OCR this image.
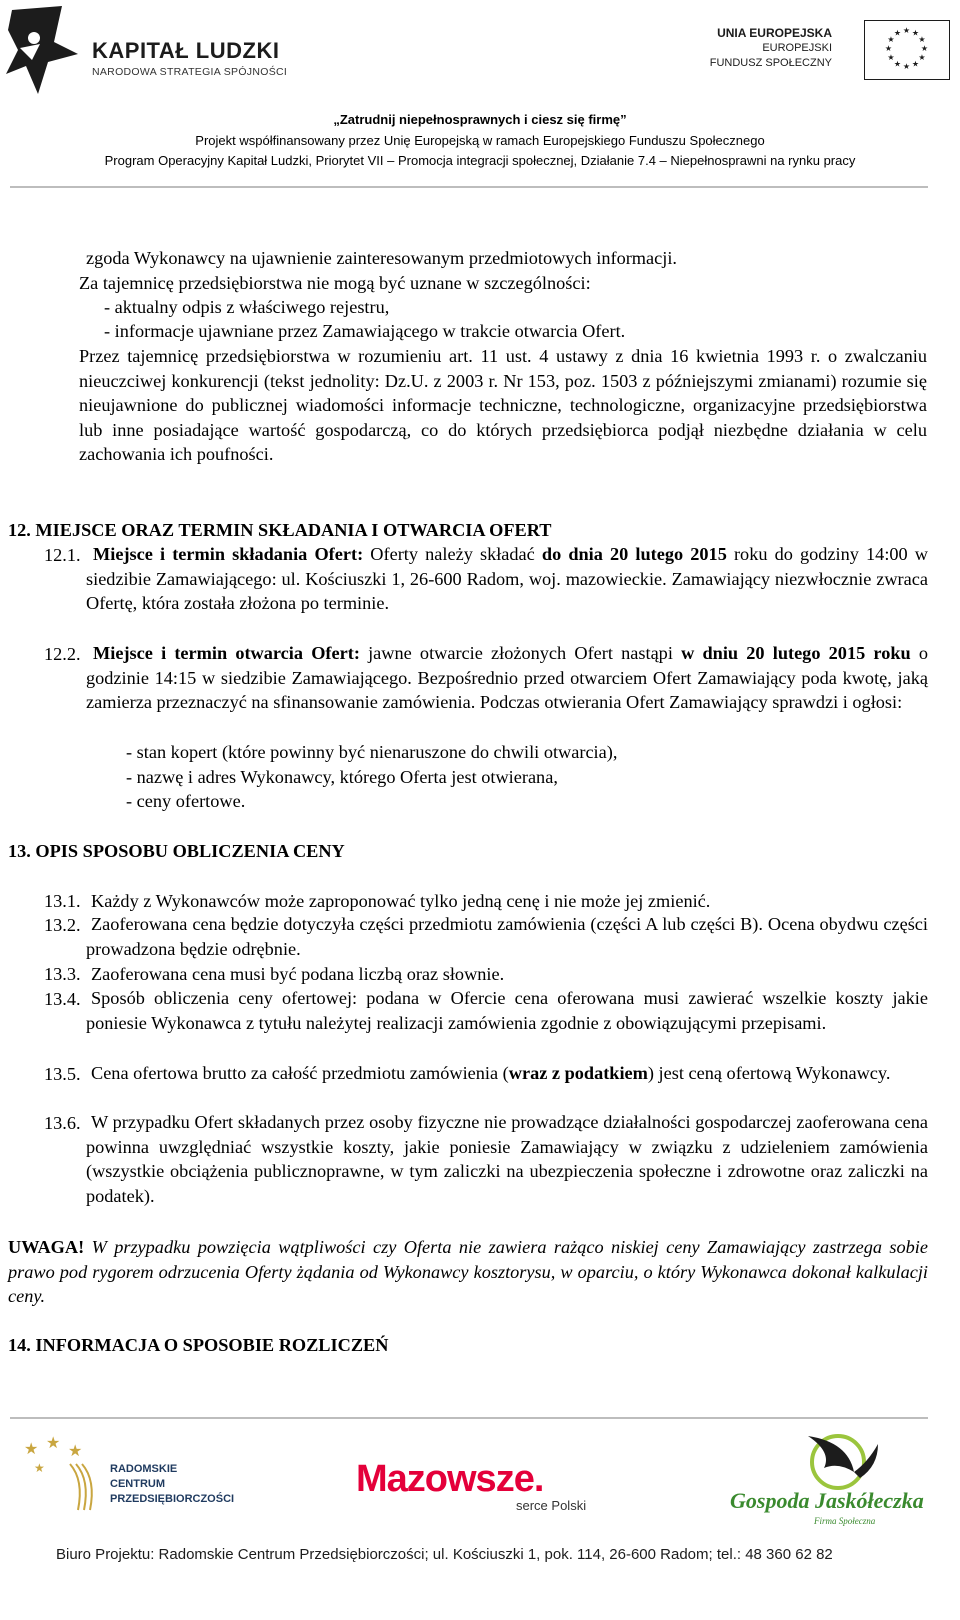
KAPITAŁ LUDZKI
NARODOWA STRATEGIA SPÓJNOŚCI
UNIA EUROPEJSKA
EUROPEJSKI
FUNDUSZ SPOŁECZNY
★ ★
★
★
★
★
★
★
★
★
★
★
„Zatrudnij niepełnosprawnych i ciesz się firmę”
Projekt współfinansowany przez Unię Europejską w ramach Europejskiego Funduszu Społecznego
Program Operacyjny Kapitał Ludzki, Priorytet VII – Promocja integracji społecznej, Działanie 7.4 – Niepełnosprawni na rynku pracy
zgoda Wykonawcy na ujawnienie zainteresowanym przedmiotowych informacji.
Za tajemnicę przedsiębiorstwa nie mogą być uznane w szczególności:
- aktualny odpis z właściwego rejestru,
- informacje ujawniane przez Zamawiającego w trakcie otwarcia Ofert.
Przez tajemnicę przedsiębiorstwa w rozumieniu art. 11 ust. 4 ustawy z dnia 16 kwietnia 1993 r. o zwalczaniu nieuczciwej konkurencji (tekst jednolity: Dz.U. z 2003 r. Nr 153, poz. 1503 z późniejszymi zmianami) rozumie się nieujawnione do publicznej wiadomości informacje techniczne, technologiczne, organizacyjne przedsiębiorstwa lub inne posiadające wartość gospodarczą, co do których przedsiębiorca podjął niezbędne działania w celu zachowania ich poufności.
12. MIEJSCE ORAZ TERMIN SKŁADANIA I OTWARCIA OFERT
12.1. Miejsce i termin składania Ofert: Oferty należy składać do dnia 20 lutego 2015 roku do godziny 14:00 w siedzibie Zamawiającego: ul. Kościuszki 1, 26-600 Radom, woj. mazowieckie. Zamawiający niezwłocznie zwraca Ofertę, która została złożona po terminie.
12.2. Miejsce i termin otwarcia Ofert: jawne otwarcie złożonych Ofert nastąpi w dniu 20 lutego 2015 roku o godzinie 14:15 w siedzibie Zamawiającego. Bezpośrednio przed otwarciem Ofert Zamawiający poda kwotę, jaką zamierza przeznaczyć na sfinansowanie zamówienia. Podczas otwierania Ofert Zamawiający sprawdzi i ogłosi:
- stan kopert (które powinny być nienaruszone do chwili otwarcia),
- nazwę i adres Wykonawcy, którego Oferta jest otwierana,
- ceny ofertowe.
13. OPIS SPOSOBU OBLICZENIA CENY
13.1. Każdy z Wykonawców może zaproponować tylko jedną cenę i nie może jej zmienić.
13.2. Zaoferowana cena będzie dotyczyła części przedmiotu zamówienia (części A lub części B). Ocena obydwu części prowadzona będzie odrębnie.
13.3. Zaoferowana cena musi być podana liczbą oraz słownie.
13.4. Sposób obliczenia ceny ofertowej: podana w Ofercie cena oferowana musi zawierać wszelkie koszty jakie poniesie Wykonawca z tytułu należytej realizacji zamówienia zgodnie z obowiązującymi przepisami.
13.5. Cena ofertowa brutto za całość przedmiotu zamówienia (wraz z podatkiem) jest ceną ofertową Wykonawcy.
13.6. W przypadku Ofert składanych przez osoby fizyczne nie prowadzące działalności gospodarczej zaoferowana cena powinna uwzględniać wszystkie koszty, jakie poniesie Zamawiający w związku z udzieleniem zamówienia (wszystkie obciążenia publicznoprawne, w tym zaliczki na ubezpieczenia społeczne i zdrowotne oraz zaliczki na podatek).
UWAGA! W przypadku powzięcia wątpliwości czy Oferta nie zawiera rażąco niskiej ceny Zamawiający zastrzega sobie prawo pod rygorem odrzucenia Oferty żądania od Wykonawcy kosztorysu, w oparciu, o który Wykonawca dokonał kalkulacji ceny.
14. INFORMACJA O SPOSOBIE ROZLICZEŃ
★ ★ ★
★	RADOMSKIE
CENTRUM
PRZEDSIĘBIORCZOŚCI	Mazowsze.
serce Polski	Gospoda Jaskółeczka
Firma Społeczna
Biuro Projektu: Radomskie Centrum Przedsiębiorczości; ul. Kościuszki 1, pok. 114, 26-600 Radom; tel.: 48 360 62 82
